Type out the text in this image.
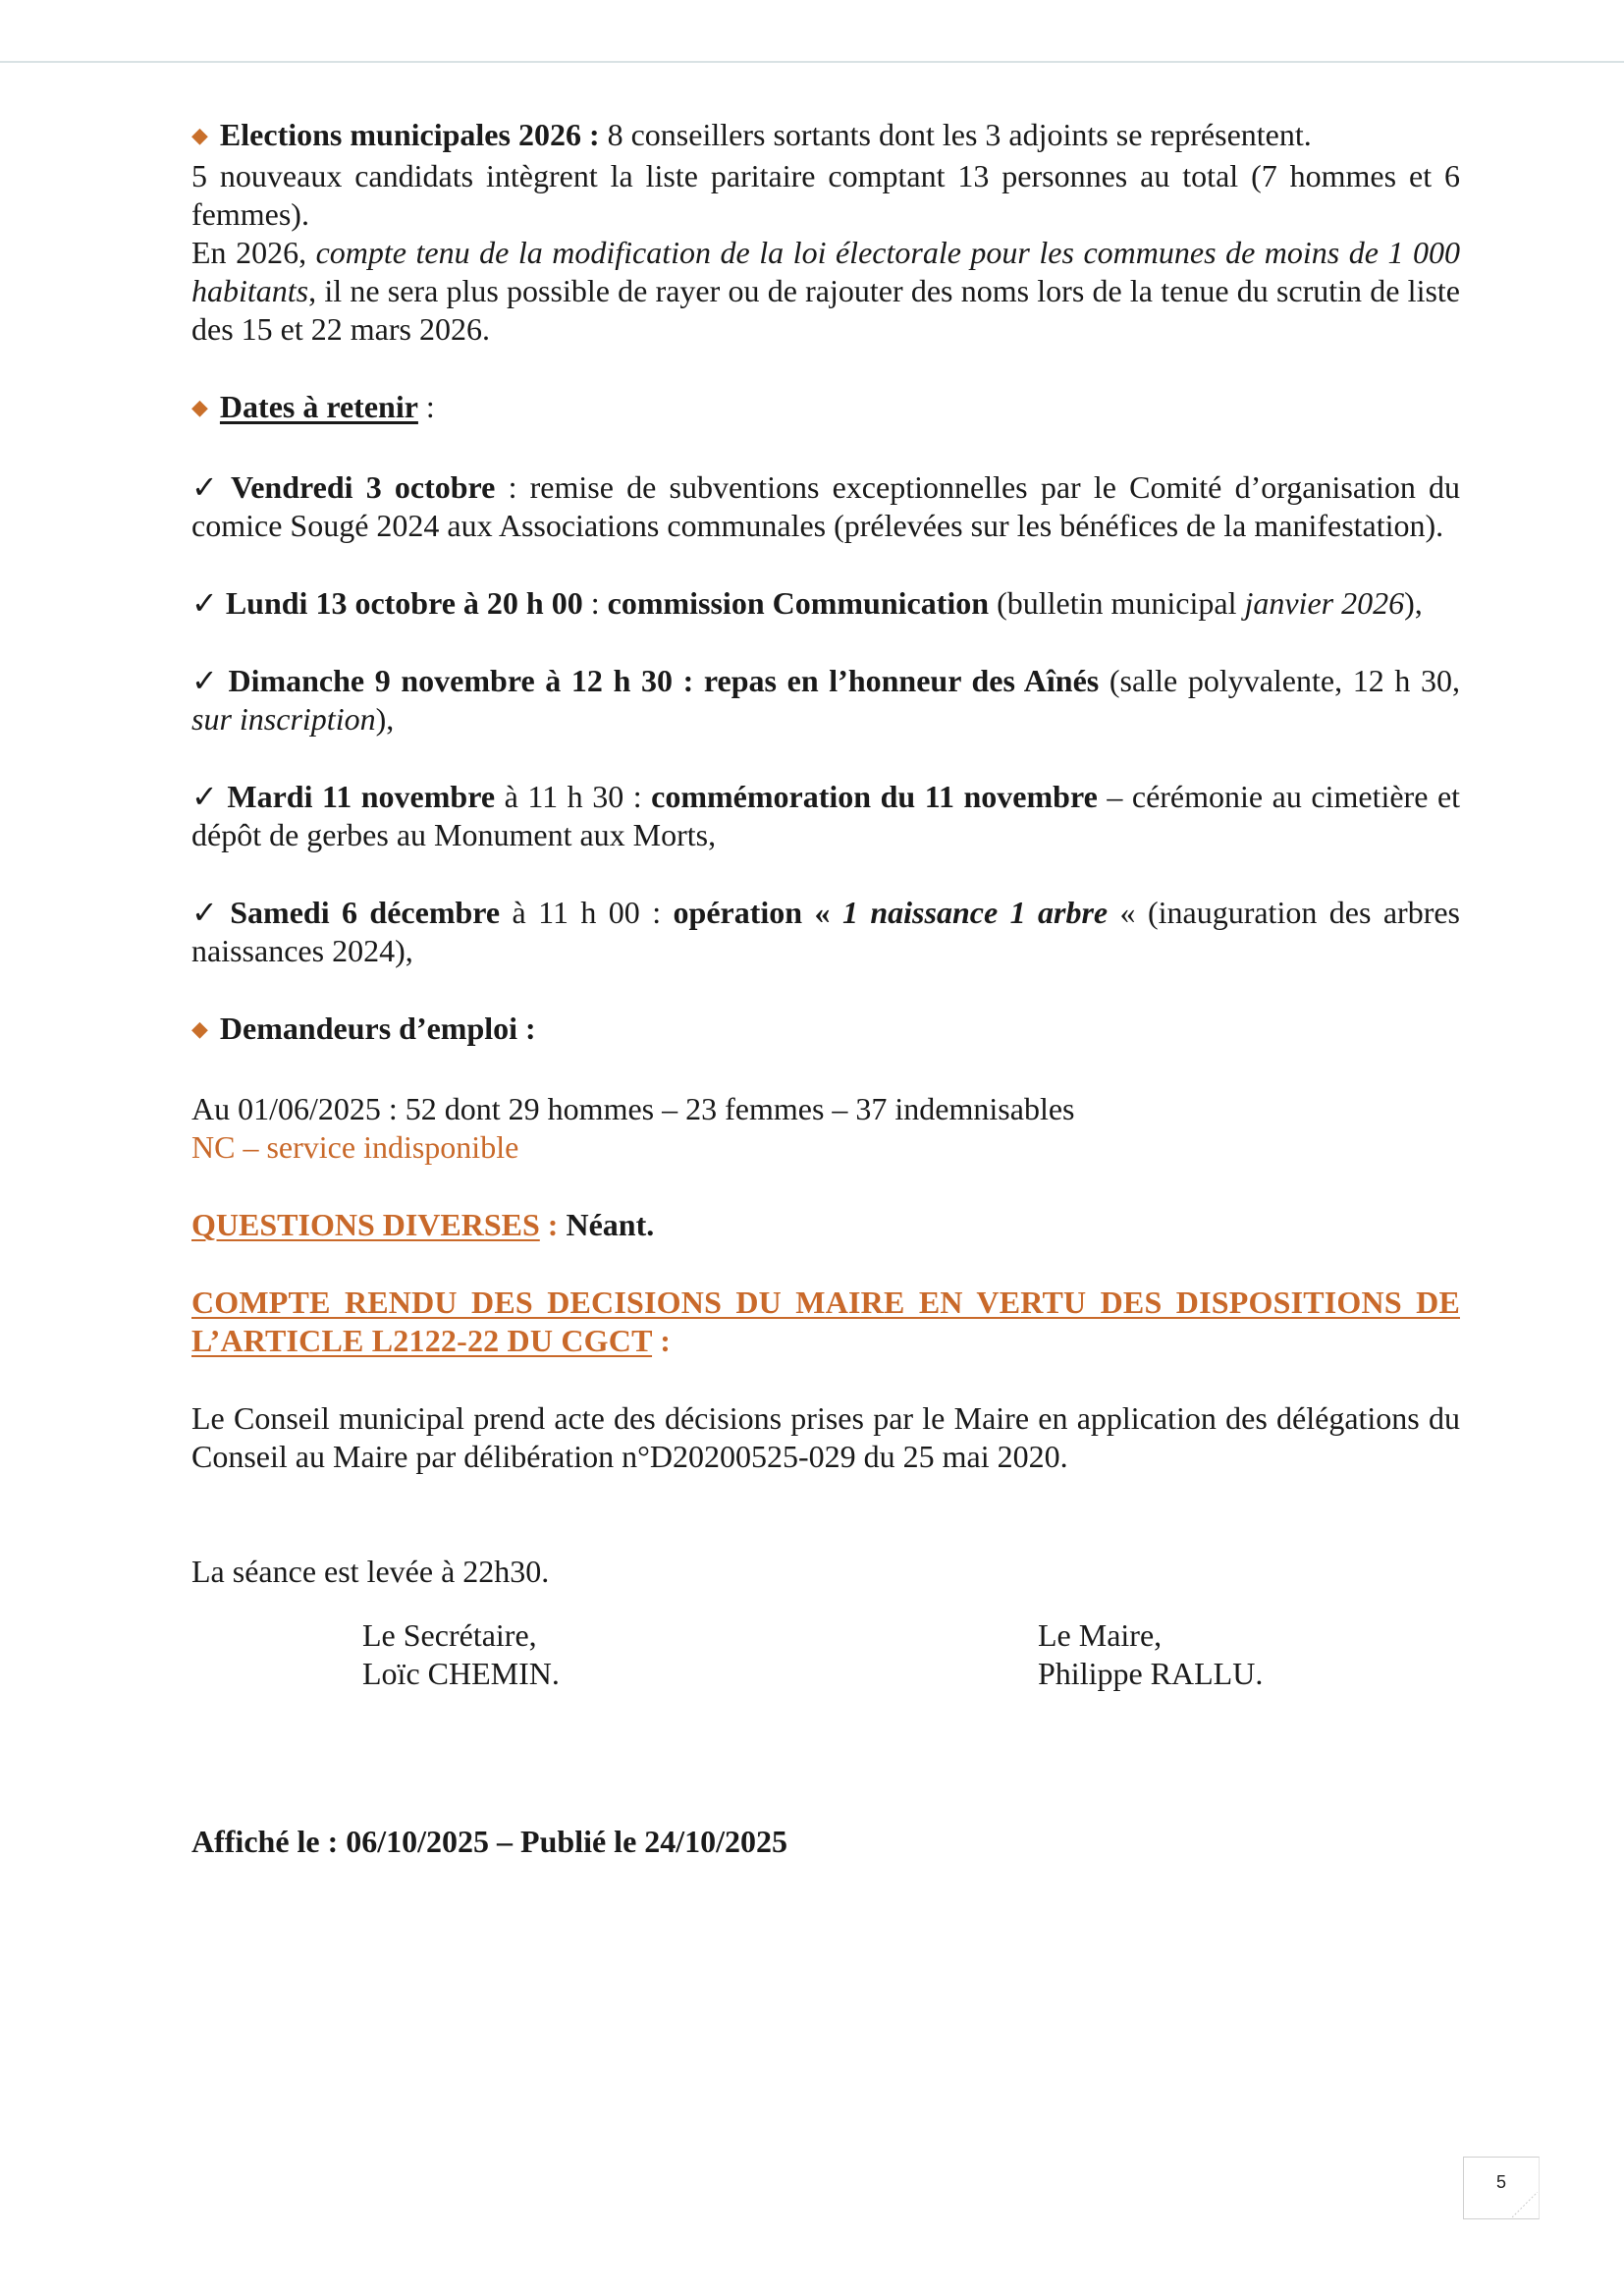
◆ Elections municipales 2026 : 8 conseillers sortants dont les 3 adjoints se représentent.

5 nouveaux candidats intègrent la liste paritaire comptant 13 personnes au total (7 hommes et 6 femmes).

En 2026, compte tenu de la modification de la loi électorale pour les communes de moins de 1 000 habitants, il ne sera plus possible de rayer ou de rajouter des noms lors de la tenue du scrutin de liste des 15 et 22 mars 2026.

◆ Dates à retenir :

✓ Vendredi 3 octobre : remise de subventions exceptionnelles par le Comité d’organisation du comice Sougé 2024 aux Associations communales (prélevées sur les bénéfices de la manifestation).

✓ Lundi 13 octobre à 20 h 00 : commission Communication (bulletin municipal janvier 2026),

✓ Dimanche 9 novembre à 12 h 30 : repas en l’honneur des Aînés (salle polyvalente, 12 h 30, sur inscription),

✓ Mardi 11 novembre à 11 h 30 : commémoration du 11 novembre – cérémonie au cimetière et dépôt de gerbes au Monument aux Morts,

✓ Samedi 6 décembre à 11 h 00 : opération « 1 naissance 1 arbre « (inauguration des arbres naissances 2024),

◆ Demandeurs d’emploi :

Au 01/06/2025 : 52 dont 29 hommes – 23 femmes – 37 indemnisables

NC – service indisponible

QUESTIONS DIVERSES : Néant.

COMPTE RENDU DES DECISIONS DU MAIRE EN VERTU DES DISPOSITIONS DE L’ARTICLE L2122-22 DU CGCT :

Le Conseil municipal prend acte des décisions prises par le Maire en application des délégations du Conseil au Maire par délibération n°D20200525-029 du 25 mai 2020.

La séance est levée à 22h30.

Le Secrétaire,
Loïc CHEMIN.
Le Maire,
Philippe RALLU.

Affiché le : 06/10/2025 – Publié le 24/10/2025

5
